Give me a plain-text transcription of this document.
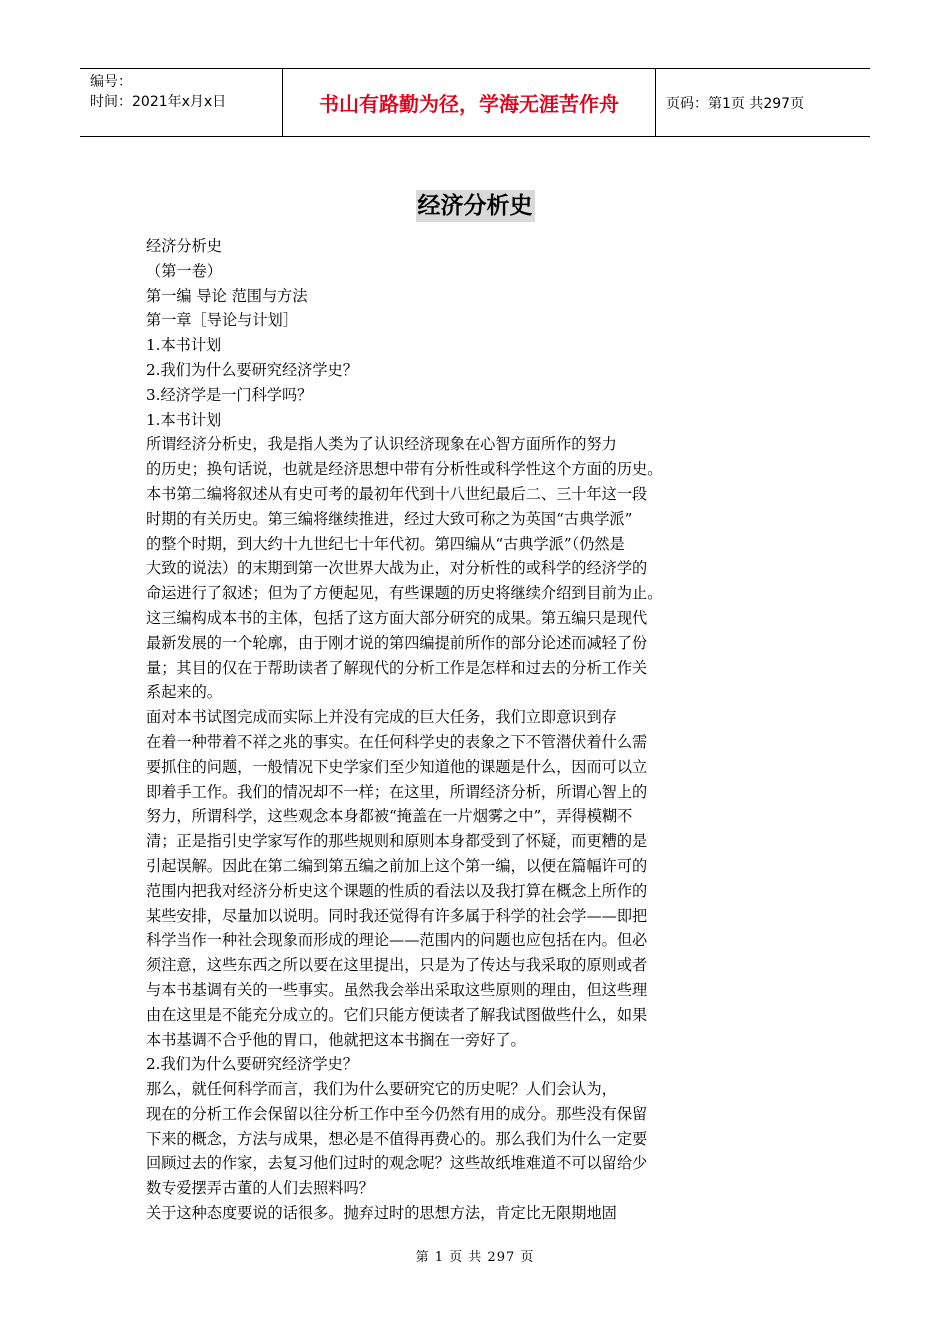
编号：
时间：2021年x月x日	书山有路勤为径，学海无涯苦作舟	页码：第1页 共297页
经济分析史
经济分析史
（第一卷）
第一编 导论 范围与方法
第一章［导论与计划］
1.本书计划
2.我们为什么要研究经济学史？
3.经济学是一门科学吗？
1.本书计划
所谓经济分析史，我是指人类为了认识经济现象在心智方面所作的努力
的历史；换句话说，也就是经济思想中带有分析性或科学性这个方面的历史。
本书第二编将叙述从有史可考的最初年代到十八世纪最后二、三十年这一段
时期的有关历史。第三编将继续推进，经过大致可称之为英国“古典学派”
的整个时期，到大约十九世纪七十年代初。第四编从“古典学派”（仍然是
大致的说法）的末期到第一次世界大战为止，对分析性的或科学的经济学的
命运进行了叙述；但为了方便起见，有些课题的历史将继续介绍到目前为止。
这三编构成本书的主体，包括了这方面大部分研究的成果。第五编只是现代
最新发展的一个轮廓，由于刚才说的第四编提前所作的部分论述而减轻了份
量；其目的仅在于帮助读者了解现代的分析工作是怎样和过去的分析工作关
系起来的。
面对本书试图完成而实际上并没有完成的巨大任务，我们立即意识到存
在着一种带着不祥之兆的事实。在任何科学史的表象之下不管潜伏着什么需
要抓住的问题，一般情况下史学家们至少知道他的课题是什么，因而可以立
即着手工作。我们的情况却不一样；在这里，所谓经济分析，所谓心智上的
努力，所谓科学，这些观念本身都被“掩盖在一片烟雾之中”，弄得模糊不
清；正是指引史学家写作的那些规则和原则本身都受到了怀疑，而更糟的是
引起误解。因此在第二编到第五编之前加上这个第一编，以便在篇幅许可的
范围内把我对经济分析史这个课题的性质的看法以及我打算在概念上所作的
某些安排，尽量加以说明。同时我还觉得有许多属于科学的社会学——即把
科学当作一种社会现象而形成的理论——范围内的问题也应包括在内。但必
须注意，这些东西之所以要在这里提出，只是为了传达与我采取的原则或者
与本书基调有关的一些事实。虽然我会举出采取这些原则的理由，但这些理
由在这里是不能充分成立的。它们只能方便读者了解我试图做些什么，如果
本书基调不合乎他的胃口，他就把这本书搁在一旁好了。
2.我们为什么要研究经济学史？
那么，就任何科学而言，我们为什么要研究它的历史呢？人们会认为，
现在的分析工作会保留以往分析工作中至今仍然有用的成分。那些没有保留
下来的概念，方法与成果，想必是不值得再费心的。那么我们为什么一定要
回顾过去的作家，去复习他们过时的观念呢？这些故纸堆难道不可以留给少
数专爱摆弄古董的人们去照料吗？
关于这种态度要说的话很多。抛弃过时的思想方法，肯定比无限期地固
第 1 页 共 297 页
